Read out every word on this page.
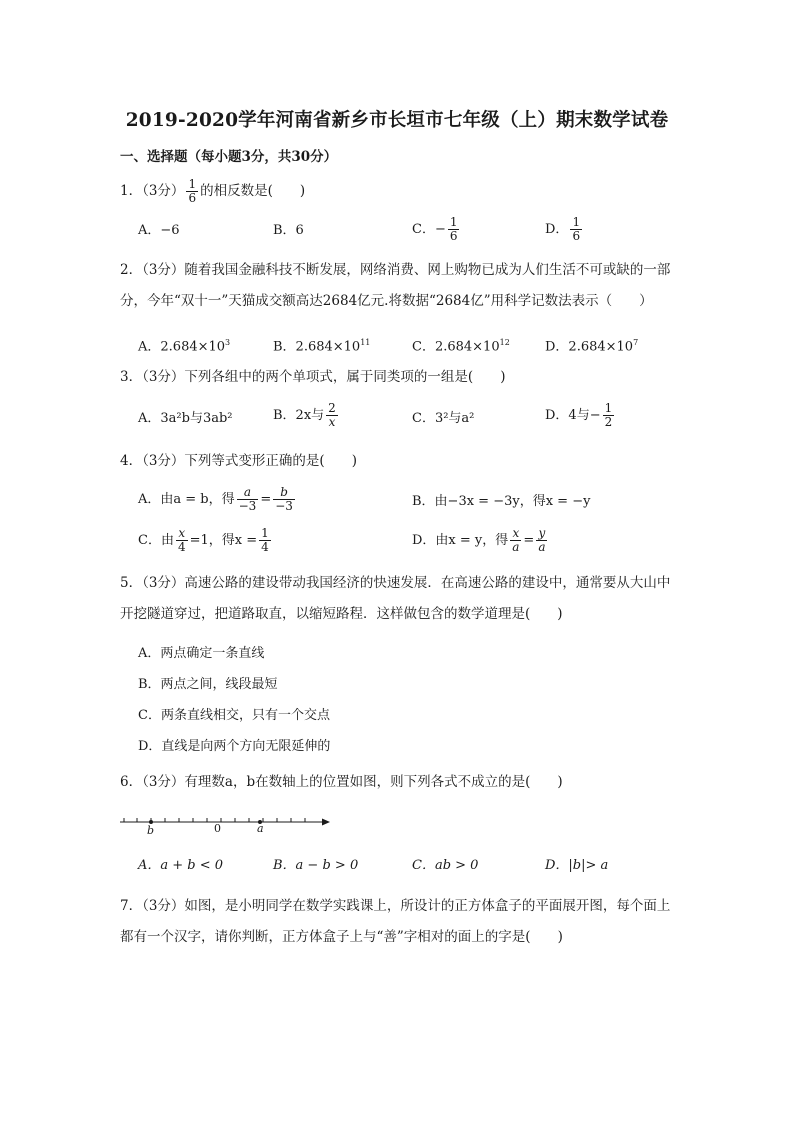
2019-2020学年河南省新乡市长垣市七年级（上）期末数学试卷
一、选择题（每小题3分，共30分）
1．（3分） $\frac{1}{6}$ 的相反数是(　　)
A．−6	B．6	C．− $\frac{1}{6}$	D． $\frac{1}{6}$
2．（3分）随着我国金融科技不断发展，网络消费、网上购物已成为人们生活不可或缺的一部分，今年“双十一”天猫成交额高达2684亿元.将数据“2684亿”用科学记数法表示（　　）
A．$2.684\times 10^3$	B．$2.684\times 10^{11}$	C．$2.684\times 10^{12}$	D．$2.684\times 10^7$
3．（3分）下列各组中的两个单项式，属于同类项的一组是(　　)
A．3a²b与3ab²	B．2x与 $\frac{2}{x}$	C．3²与a²	D．4与− $\frac{1}{2}$
4．（3分）下列等式变形正确的是(　　)
A．由a = b，得 $\frac{a}{-3} = \frac{b}{-3}$	B．由−3x = −3y，得x = −y
C．由 $\frac{x}{4} =1$，得$x = \frac{1}{4}$	D．由x = y，得 $\frac{x}{a} = \frac{y}{a}$
5．（3分）高速公路的建设带动我国经济的快速发展．在高速公路的建设中，通常要从大山中开挖隧道穿过，把道路取直，以缩短路程．这样做包含的数学道理是(　　)
A．两点确定一条直线
B．两点之间，线段最短
C．两条直线相交，只有一个交点
D．直线是向两个方向无限延伸的
6．（3分）有理数a，b在数轴上的位置如图，则下列各式不成立的是(　　)
b	0	a
A．a + b < 0	B．a − b > 0	C．ab > 0	D．|b|> a
7．（3分）如图，是小明同学在数学实践课上，所设计的正方体盒子的平面展开图，每个面上都有一个汉字，请你判断，正方体盒子上与“善”字相对的面上的字是(　　)
